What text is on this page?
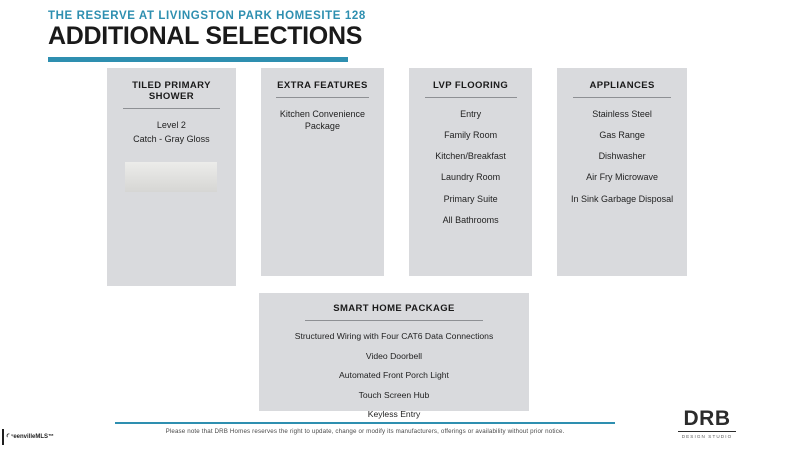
THE RESERVE AT LIVINGSTON PARK HOMESITE 128
ADDITIONAL SELECTIONS
TILED PRIMARY SHOWER
Level 2
Catch - Gray Gloss
EXTRA FEATURES
Kitchen Convenience Package
LVP FLOORING
Entry
Family Room
Kitchen/Breakfast
Laundry Room
Primary Suite
All Bathrooms
APPLIANCES
Stainless Steel
Gas Range
Dishwasher
Air Fry Microwave
In Sink Garbage Disposal
SMART HOME PACKAGE
Structured Wiring with Four CAT6 Data Connections
Video Doorbell
Automated Front Porch Light
Touch Screen Hub
Keyless Entry
Please note that DRB Homes reserves the right to update, change or modify its manufacturers, offerings or availability without prior notice.
DRB
DESIGN STUDIO
GreenvilleMLS™
